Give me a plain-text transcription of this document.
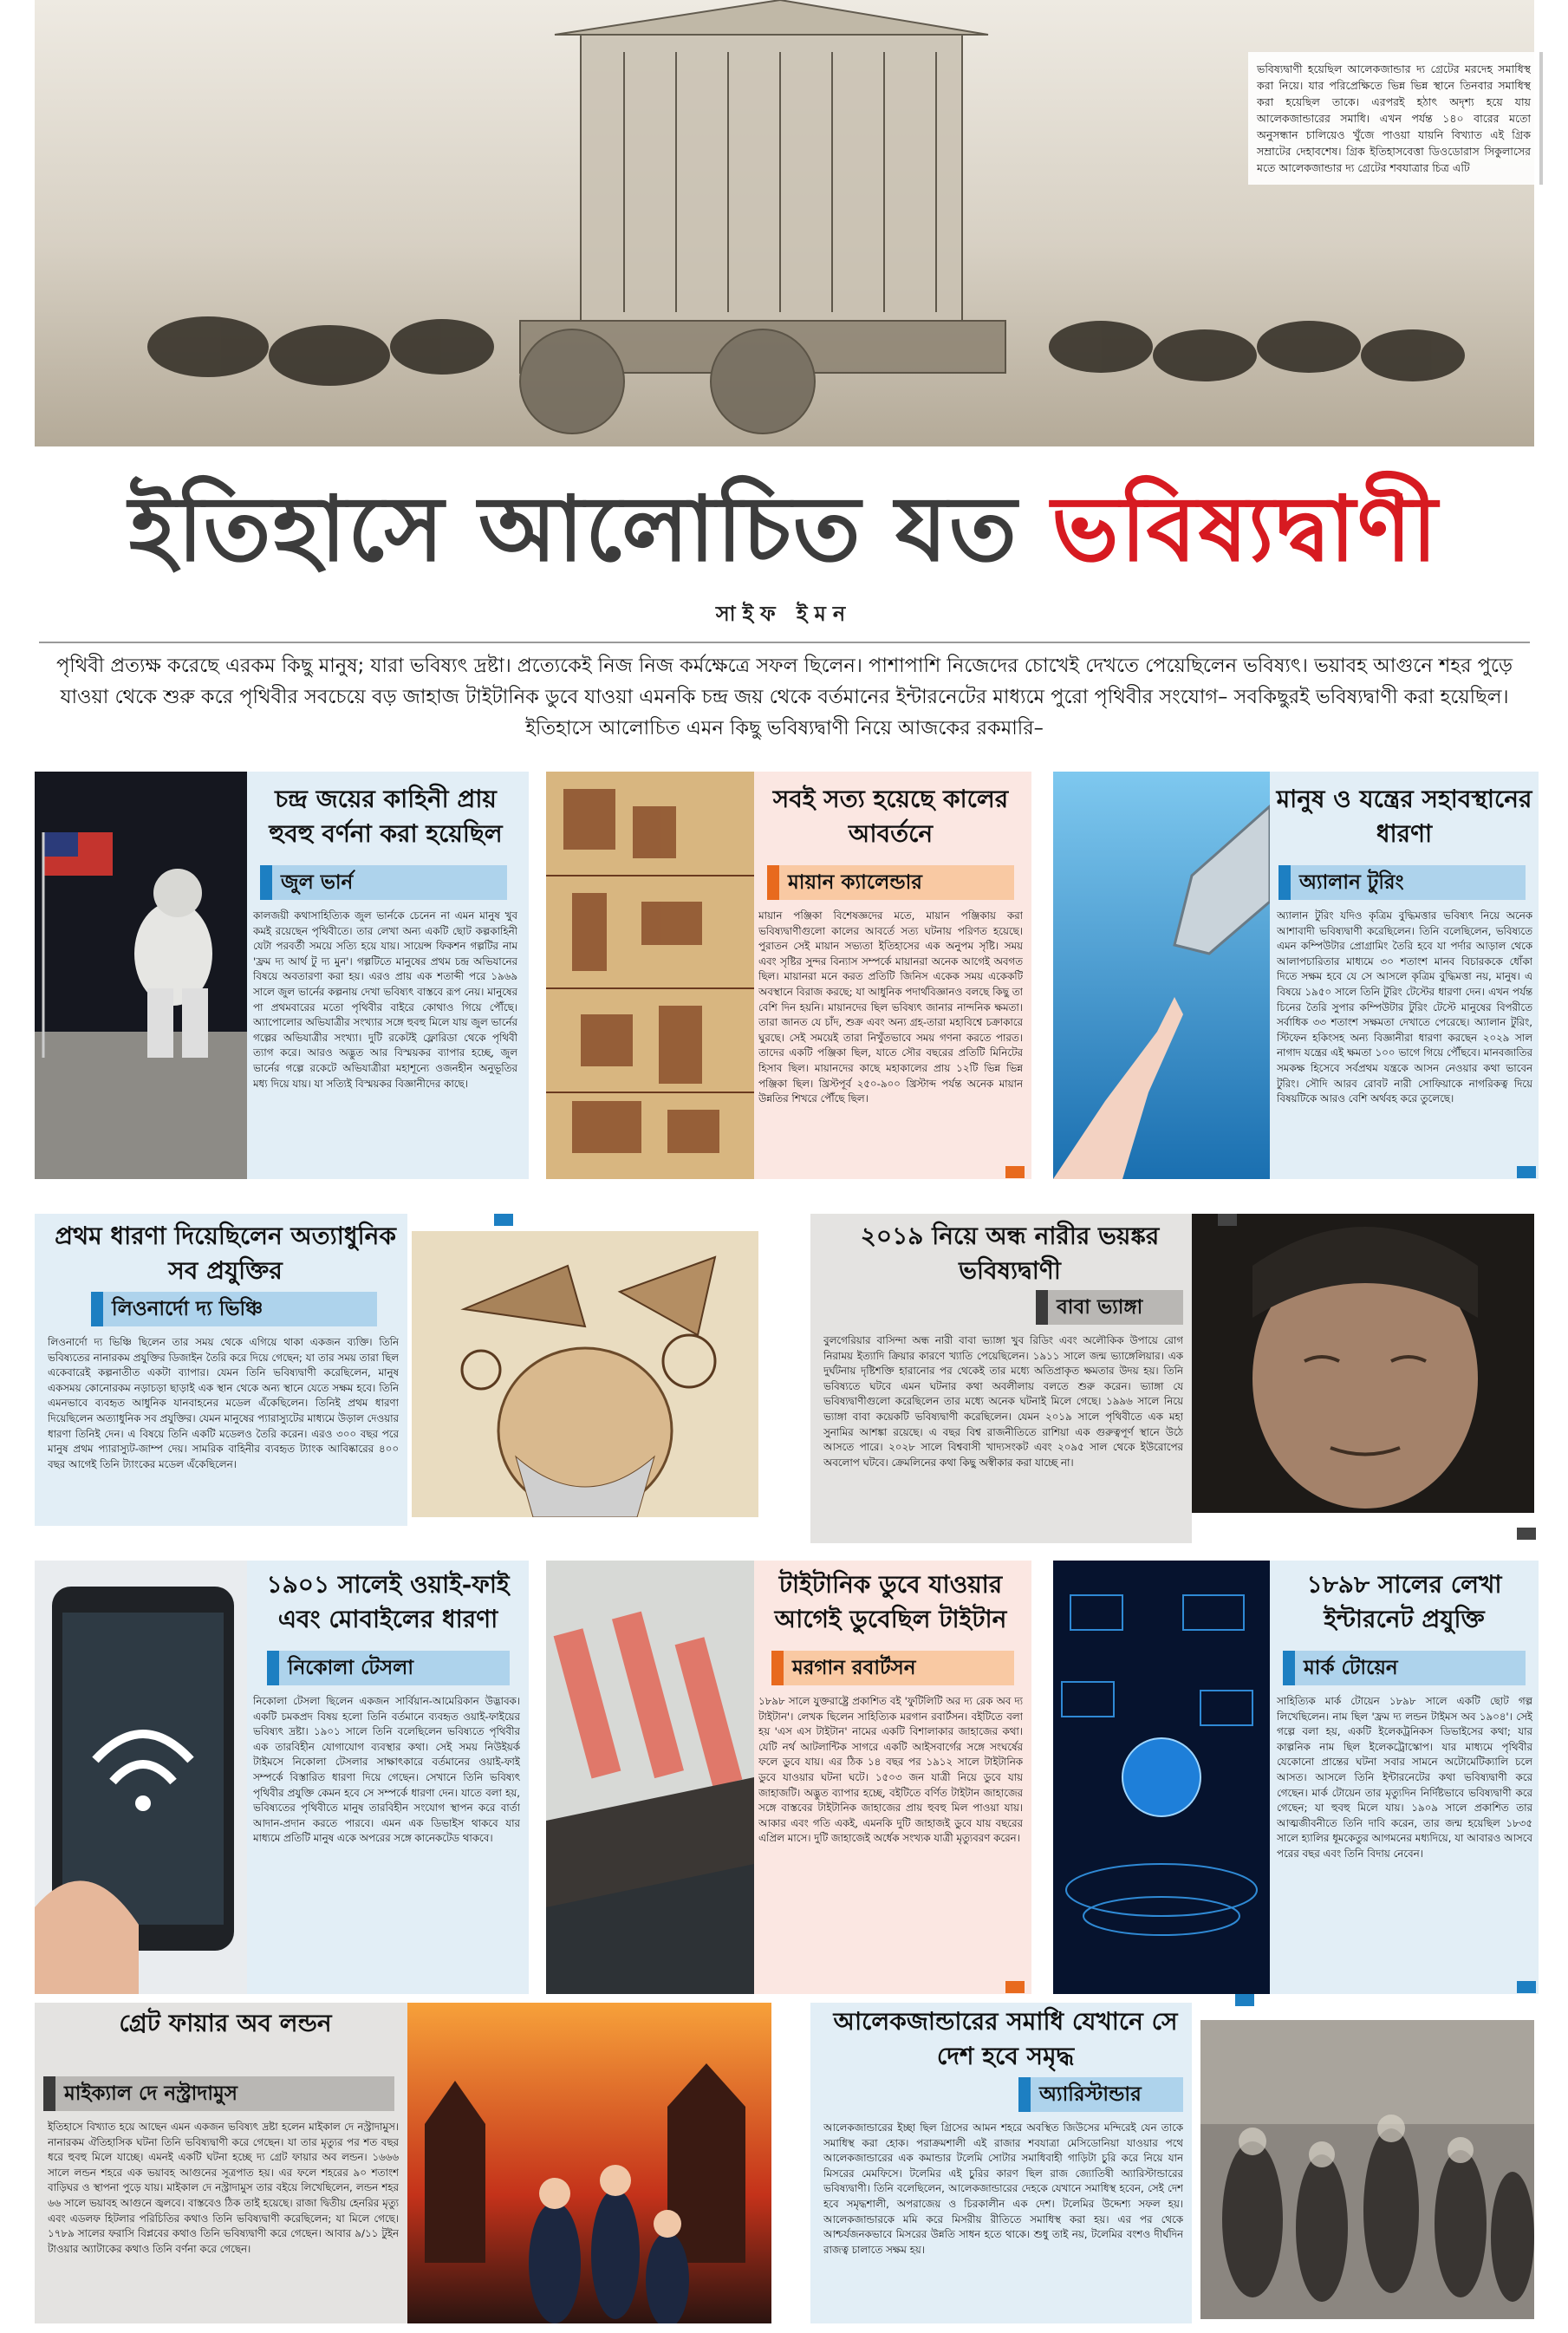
ভবিষ্যদ্বাণী হয়েছিল আলেকজান্ডার দ্য গ্রেটের মরদেহ সমাধিস্থ করা নিয়ে। যার পরিপ্রেক্ষিতে ভিন্ন ভিন্ন স্থানে তিনবার সমাধিস্থ করা হয়েছিল তাকে। এরপরই হঠাৎ অদৃশ্য হয়ে যায় আলেকজান্ডারের সমাধি। এখন পর্যন্ত ১৪০ বারের মতো অনুসন্ধান চালিয়েও খুঁজে পাওয়া যায়নি বিখ্যাত এই গ্রিক সম্রাটের দেহাবশেষ। গ্রিক ইতিহাসবেত্তা ডিওডোরাস সিকুলাসের মতে আলেকজান্ডার দ্য গ্রেটের শবযাত্রার চিত্র এটি
ইতিহাসে আলোচিত যত ভবিষ্যদ্বাণী
সাইফ ইমন
পৃথিবী প্রত্যক্ষ করেছে এরকম কিছু মানুষ; যারা ভবিষ্যৎ দ্রষ্টা। প্রত্যেকেই নিজ নিজ কর্মক্ষেত্রে সফল ছিলেন। পাশাপাশি নিজেদের চোখেই দেখতে পেয়েছিলেন ভবিষ্যৎ। ভয়াবহ আগুনে শহর পুড়ে যাওয়া থেকে শুরু করে পৃথিবীর সবচেয়ে বড় জাহাজ টাইটানিক ডুবে যাওয়া এমনকি চন্দ্র জয় থেকে বর্তমানের ইন্টারনেটের মাধ্যমে পুরো পৃথিবীর সংযোগ– সবকিছুরই ভবিষ্যদ্বাণী করা হয়েছিল। ইতিহাসে আলোচিত এমন কিছু ভবিষ্যদ্বাণী নিয়ে আজকের রকমারি–
চন্দ্র জয়ের কাহিনী প্রায় হুবহু বর্ণনা করা হয়েছিল
জুল ভার্ন
কালজয়ী কথাসাহিত্যিক জুল ভার্নকে চেনেন না এমন মানুষ খুব কমই রয়েছেন পৃথিবীতে। তার লেখা অন্য একটি ছোট কল্পকাহিনী যেটা পরবর্তী সময়ে সত্যি হয়ে যায়। সায়েন্স ফিকশন গল্পটির নাম 'ফ্রম দ্য আর্থ টু দ্য মুন'। গল্পটিতে মানুষের প্রথম চন্দ্র অভিযানের বিষয়ে অবতারণা করা হয়। এরও প্রায় এক শতাব্দী পরে ১৯৬৯ সালে জুল ভার্নের কল্পনায় দেখা ভবিষ্যৎ বাস্তবে রূপ নেয়। মানুষের পা প্রথমবারের মতো পৃথিবীর বাইরে কোথাও গিয়ে পৌঁছে। অ্যাপোলোর অভিযাত্রীর সংখ্যার সঙ্গে হুবহু মিলে যায় জুল ভার্নের গল্পের অভিযাত্রীর সংখ্যা। দুটি রকেটই ফ্লোরিডা থেকে পৃথিবী ত্যাগ করে। আরও অদ্ভুত আর বিস্ময়কর ব্যাপার হচ্ছে, জুল ভার্নের গল্পে রকেটে অভিযাত্রীরা মহাশূন্যে ওজনহীন অনুভূতির মধ্য দিয়ে যায়। যা সত্যিই বিস্ময়কর বিজ্ঞানীদের কাছে।
সবই সত্য হয়েছে কালের আবর্তনে
মায়ান ক্যালেন্ডার
মায়ান পঞ্জিকা বিশেষজ্ঞদের মতে, মায়ান পঞ্জিকায় করা ভবিষ্যদ্বাণীগুলো কালের আবর্তে সত্য ঘটনায় পরিণত হয়েছে। পুরাতন সেই মায়ান সভ্যতা ইতিহাসের এক অনুপম সৃষ্টি। সময় এবং সৃষ্টির সুন্দর বিন্যাস সম্পর্কে মায়ানরা অনেক আগেই অবগত ছিল। মায়ানরা মনে করত প্রতিটি জিনিস একেক সময় একেকটি অবস্থানে বিরাজ করছে; যা আধুনিক পদার্থবিজ্ঞানও বলছে কিছু তা বেশি দিন হয়নি। মায়ানদের ছিল ভবিষ্যৎ জানার নান্দনিক ক্ষমতা। তারা জানত যে চাঁদ, শুক্র এবং অন্য গ্রহ-তারা মহাবিশ্বে চক্রাকারে ঘুরছে। সেই সময়েই তারা নিখুঁতভাবে সময় গণনা করতে পারত। তাদের একটি পঞ্জিকা ছিল, যাতে সৌর বছরের প্রতিটি মিনিটের হিসাব ছিল। মায়ানদের কাছে মহাকালের প্রায় ১২টি ভিন্ন ভিন্ন পঞ্জিকা ছিল। খ্রিস্টপূর্ব ২৫০-৯০০ খ্রিস্টাব্দ পর্যন্ত অনেক মায়ান উন্নতির শিখরে পৌঁছে ছিল।
মানুষ ও যন্ত্রের সহাবস্থানের ধারণা
অ্যালান টুরিং
অ্যালান টুরিং যদিও কৃত্রিম বুদ্ধিমত্তার ভবিষ্যৎ নিয়ে অনেক আশাবাদী ভবিষ্যদ্বাণী করেছিলেন। তিনি বলেছিলেন, ভবিষ্যতে এমন কম্পিউটার প্রোগ্রামিং তৈরি হবে যা পর্দার আড়াল থেকে আলাপচারিতার মাধ্যমে ৩০ শতাংশ মানব বিচারককে ধোঁকা দিতে সক্ষম হবে যে সে আসলে কৃত্রিম বুদ্ধিমত্তা নয়, মানুষ। এ বিষয়ে ১৯৫০ সালে তিনি টুরিং টেস্টের ধারণা দেন। এখন পর্যন্ত চিনের তৈরি সুপার কম্পিউটার টুরিং টেস্টে মানুষের বিপরীতে সর্বাধিক ৩৩ শতাংশ সক্ষমতা দেখাতে পেরেছে। অ্যালান টুরিং, স্টিফেন হকিংসহ অন্য বিজ্ঞানীরা ধারণা করছেন ২০২৯ সাল নাগাদ যন্ত্রের এই ক্ষমতা ১০০ ভাগে গিয়ে পৌঁছবে। মানবজাতির সমকক্ষ হিসেবে সর্বপ্রথম যন্ত্রকে আসন নেওয়ার কথা ভাবেন টুরিং। সৌদি আরব রোবট নারী সোফিয়াকে নাগরিকত্ব দিয়ে বিষয়টিকে আরও বেশি অর্থবহ করে তুলেছে।
প্রথম ধারণা দিয়েছিলেন অত্যাধুনিক সব প্রযুক্তির
লিওনার্দো দ্য ভিঞ্চি
লিওনার্দো দ্য ভিঞ্চি ছিলেন তার সময় থেকে এগিয়ে থাকা একজন ব্যক্তি। তিনি ভবিষ্যতের নানারকম প্রযুক্তির ডিজাইন তৈরি করে দিয়ে গেছেন; যা তার সময় তারা ছিল একেবারেই কল্পনাতীত একটা ব্যাপার। যেমন তিনি ভবিষ্যদ্বাণী করেছিলেন, মানুষ একসময় কোনোরকম নড়াচড়া ছাড়াই এক স্থান থেকে অন্য স্থানে যেতে সক্ষম হবে। তিনি এমনভাবে ব্যবহৃত আধুনিক যানবাহনের মডেল এঁকেছিলেন। তিনিই প্রথম ধারণা দিয়েছিলেন অত্যাধুনিক সব প্রযুক্তির। যেমন মানুষের প্যারাস্যুটের মাধ্যমে উড়াল দেওয়ার ধারণা তিনিই দেন। এ বিষয়ে তিনি একটি মডেলও তৈরি করেন। এরও ৩০০ বছর পরে মানুষ প্রথম প্যারাস্যুট-জাম্প দেয়। সামরিক বাহিনীর ব্যবহৃত ট্যাংক আবিষ্কারের ৪০০ বছর আগেই তিনি ট্যাংকের মডেল এঁকেছিলেন।
২০১৯ নিয়ে অন্ধ নারীর ভয়ঙ্কর ভবিষ্যদ্বাণী
বাবা ভ্যাঙ্গা
বুলগেরিয়ার বাসিন্দা অন্ধ নারী বাবা ভ্যাঙ্গা খুব রিডিং এবং অলৌকিক উপায়ে রোগ নিরাময় ইত্যাদি ক্রিয়ার কারণে খ্যাতি পেয়েছিলেন। ১৯১১ সালে জন্ম ভ্যাঙ্গেলিয়ার। এক দুর্ঘটনায় দৃষ্টিশক্তি হারানোর পর থেকেই তার মধ্যে অতিপ্রাকৃত ক্ষমতার উদয় হয়। তিনি ভবিষ্যতে ঘটবে এমন ঘটনার কথা অবলীলায় বলতে শুরু করেন। ভ্যাঙ্গা যে ভবিষ্যদ্বাণীগুলো করেছিলেন তার মধ্যে অনেক ঘটনাই মিলে গেছে। ১৯৯৬ সালে নিয়ে ভ্যাঙ্গা বাবা কয়েকটি ভবিষ্যদ্বাণী করেছিলেন। যেমন ২০১৯ সালে পৃথিবীতে এক মহা সুনামির আশঙ্কা রয়েছে। এ বছর বিশ্ব রাজনীতিতে রাশিয়া এক গুরুত্বপূর্ণ স্থানে উঠে আসতে পারে। ২০২৮ সালে বিশ্ববাসী খাদ্যসংকট এবং ২০৯৫ সাল থেকে ইউরোপের অবলোপ ঘটবে। ক্রেমলিনের কথা কিছু অস্বীকার করা যাচ্ছে না।
১৯০১ সালেই ওয়াই-ফাই এবং মোবাইলের ধারণা
নিকোলা টেসলা
নিকোলা টেসলা ছিলেন একজন সার্বিয়ান-আমেরিকান উদ্ভাবক। একটি চমকপ্রদ বিষয় হলো তিনি বর্তমানে ব্যবহৃত ওয়াই-ফাইয়ের ভবিষ্যৎ দ্রষ্টা। ১৯০১ সালে তিনি বলেছিলেন ভবিষ্যতে পৃথিবীর এক তারবিহীন যোগাযোগ ব্যবস্থার কথা। সেই সময় নিউইয়র্ক টাইমসে নিকোলা টেসলার সাক্ষাৎকারে বর্তমানের ওয়াই-ফাই সম্পর্কে বিস্তারিত ধারণা দিয়ে গেছেন। সেখানে তিনি ভবিষ্যৎ পৃথিবীর প্রযুক্তি কেমন হবে সে সম্পর্কে ধারণা দেন। যাতে বলা হয়, ভবিষ্যতের পৃথিবীতে মানুষ তারবিহীন সংযোগ স্থাপন করে বার্তা আদান-প্রদান করতে পারবে। এমন এক ডিভাইস থাকবে যার মাধ্যমে প্রতিটি মানুষ একে অপরের সঙ্গে কানেকটেড থাকবে।
টাইটানিক ডুবে যাওয়ার আগেই ডুবেছিল টাইটান
মরগান রবার্টসন
১৮৯৮ সালে যুক্তরাষ্ট্রে প্রকাশিত বই 'ফুটিলিটি অর দ্য রেক অব দ্য টাইটান'। লেখক ছিলেন সাহিত্যিক মরগান রবার্টসন। বইটিতে বলা হয় 'এস এস টাইটান' নামের একটি বিশালাকার জাহাজের কথা। যেটি নর্থ আটলান্টিক সাগরে একটি আইসবার্গের সঙ্গে সংঘর্ষের ফলে ডুবে যায়। এর ঠিক ১৪ বছর পর ১৯১২ সালে টাইটানিক ডুবে যাওয়ার ঘটনা ঘটে। ১৫০৩ জন যাত্রী নিয়ে ডুবে যায় জাহাজটি। অদ্ভুত ব্যাপার হচ্ছে, বইটিতে বর্ণিত টাইটান জাহাজের সঙ্গে বাস্তবের টাইটানিক জাহাজের প্রায় হুবহু মিল পাওয়া যায়। আকার এবং গতি একই, এমনকি দুটি জাহাজই ডুবে যায় বছরের এপ্রিল মাসে। দুটি জাহাজেই অর্ধেক সংখ্যক যাত্রী মৃত্যুবরণ করেন।
১৮৯৮ সালের লেখা ইন্টারনেট প্রযুক্তি
মার্ক টোয়েন
সাহিত্যিক মার্ক টোয়েন ১৮৯৮ সালে একটি ছোট গল্প লিখেছিলেন। নাম ছিল 'ফ্রম দ্য লন্ডন টাইমস অব ১৯০৪'। সেই গল্পে বলা হয়, একটি ইলেকট্রনিকস ডিভাইসের কথা; যার কাল্পনিক নাম ছিল ইলেকট্রোস্কোপ। যার মাধ্যমে পৃথিবীর যেকোনো প্রান্তের ঘটনা সবার সামনে অটোমেটিক্যালি চলে আসত। আসলে তিনি ইন্টারনেটের কথা ভবিষ্যদ্বাণী করে গেছেন। মার্ক টোয়েন তার মৃত্যুদিন নির্দিষ্টভাবে ভবিষ্যদ্বাণী করে গেছেন; যা হুবহু মিলে যায়। ১৯০৯ সালে প্রকাশিত তার আত্মজীবনীতে তিনি দাবি করেন, তার জন্ম হয়েছিল ১৮৩৫ সালে হ্যালির ধূমকেতুর আগমনের মধ্যদিয়ে, যা আবারও আসবে পরের বছর এবং তিনি বিদায় নেবেন।
গ্রেট ফায়ার অব লন্ডন
মাইক্যাল দে নস্ট্রাদামুস
ইতিহাসে বিখ্যাত হয়ে আছেন এমন একজন ভবিষ্যৎ দ্রষ্টা হলেন মাইকাল দে নস্ট্রাদামুস। নানারকম ঐতিহাসিক ঘটনা তিনি ভবিষ্যদ্বাণী করে গেছেন। যা তার মৃত্যুর পর শত বছর ধরে হুবহু মিলে যাচ্ছে। এমনই একটি ঘটনা হচ্ছে দ্য গ্রেট ফায়ার অব লন্ডন। ১৬৬৬ সালে লন্ডন শহরে এক ভয়াবহ আগুনের সূত্রপাত হয়। এর ফলে শহরের ৯০ শতাংশ বাড়িঘর ও স্থাপনা পুড়ে যায়। মাইকাল দে নস্ট্রাদামুস তার বইয়ে লিখেছিলেন, লন্ডন শহর ৬৬ সালে ভয়াবহ আগুনে জ্বলবে। বাস্তবেও ঠিক তাই হয়েছে। রাজা দ্বিতীয় হেনরির মৃত্যু এবং এডলফ হিটলার পরিচিতির কথাও তিনি ভবিষ্যদ্বাণী করেছিলেন; যা মিলে গেছে। ১৭৮৯ সালের ফরাসি বিপ্লবের কথাও তিনি ভবিষ্যদ্বাণী করে গেছেন। আবার ৯/১১ টুইন টাওয়ার অ্যাটাকের কথাও তিনি বর্ণনা করে গেছেন।
আলেকজান্ডারের সমাধি যেখানে সে দেশ হবে সমৃদ্ধ
অ্যারিস্টান্ডার
আলেকজান্ডারের ইচ্ছা ছিল গ্রিসের আমন শহরে অবস্থিত জিউসের মন্দিরেই যেন তাকে সমাধিস্থ করা হোক। পরাক্রমশালী এই রাজার শবযাত্রা মেসিডোনিয়া যাওয়ার পথে আলেকজান্ডারের এক কমান্ডার টলেমি সোটার সমাধিবাহী গাড়িটা চুরি করে নিয়ে যান মিসরের মেমফিসে। টলেমির এই চুরির কারণ ছিল রাজ জ্যোতিষী অ্যারিস্টান্ডারের ভবিষ্যদ্বাণী। তিনি বলেছিলেন, আলেকজান্ডারের দেহকে যেখানে সমাধিস্থ হবেন, সেই দেশ হবে সমৃদ্ধশালী, অপরাজেয় ও চিরকালীন এক দেশ। টলেমির উদ্দেশ্য সফল হয়। আলেকজান্ডারকে মমি করে মিসরীয় রীতিতে সমাধিস্থ করা হয়। এর পর থেকে আশ্চর্যজনকভাবে মিসরের উন্নতি সাধন হতে থাকে। শুধু তাই নয়, টলেমির বংশও দীর্ঘদিন রাজত্ব চালাতে সক্ষম হয়।
